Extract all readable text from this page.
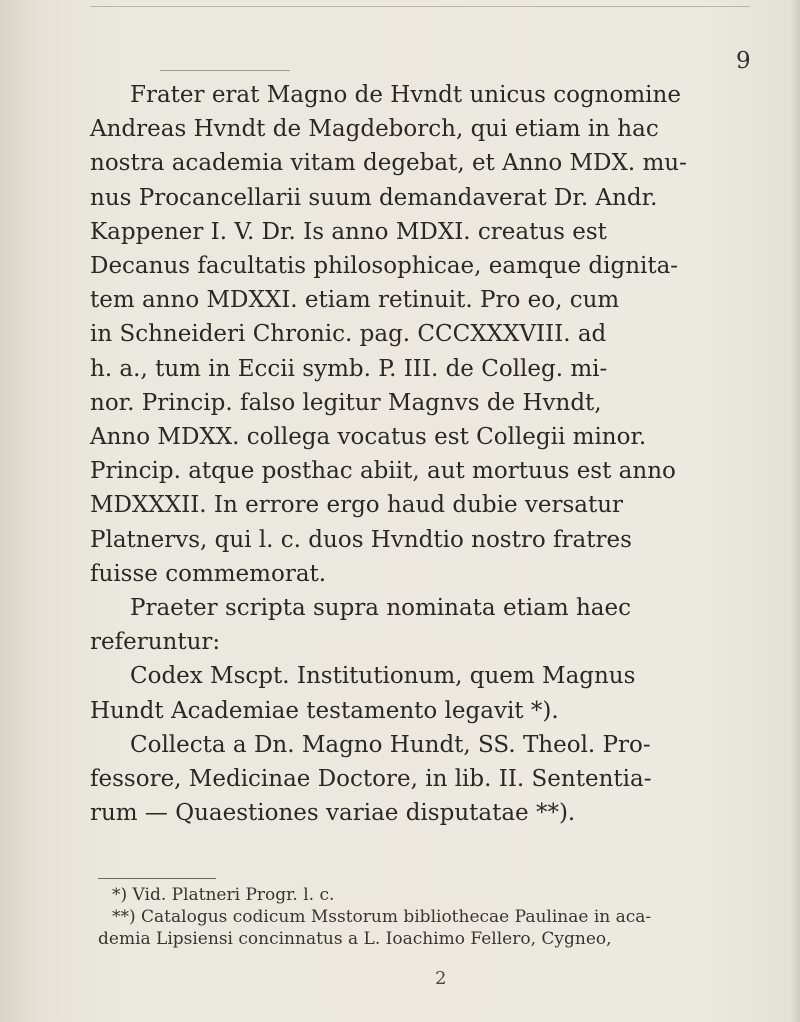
9
Frater erat Magno de Hvndt unicus cognomine
Andreas Hvndt de Magdeborch, qui etiam in hac
nostra academia vitam degebat, et Anno MDX. mu-
nus Procancellarii suum demandaverat Dr. Andr.
Kappener I. V. Dr. Is anno MDXI. creatus est
Decanus facultatis philosophicae, eamque dignita-
tem anno MDXXI. etiam retinuit. Pro eo, cum
in Schneideri Chronic. pag. CCCXXXVIII. ad
h. a., tum in Eccii symb. P. III. de Colleg. mi-
nor. Princip. falso legitur Magnvs de Hvndt,
Anno MDXX. collega vocatus est Collegii minor.
Princip. atque posthac abiit, aut mortuus est anno
MDXXXII. In errore ergo haud dubie versatur
Platnervs, qui l. c. duos Hvndtio nostro fratres
fuisse commemorat.
Praeter scripta supra nominata etiam haec
referuntur:
Codex Mscpt. Institutionum, quem Magnus
Hundt Academiae testamento legavit *).
Collecta a Dn. Magno Hundt, SS. Theol. Pro-
fessore, Medicinae Doctore, in lib. II. Sententia-
rum — Quaestiones variae disputatae **).
*) Vid. Platneri Progr. l. c.
**) Catalogus codicum Msstorum bibliothecae Paulinae in aca-
demia Lipsiensi concinnatus a L. Ioachimo Fellero, Cygneo,
2
